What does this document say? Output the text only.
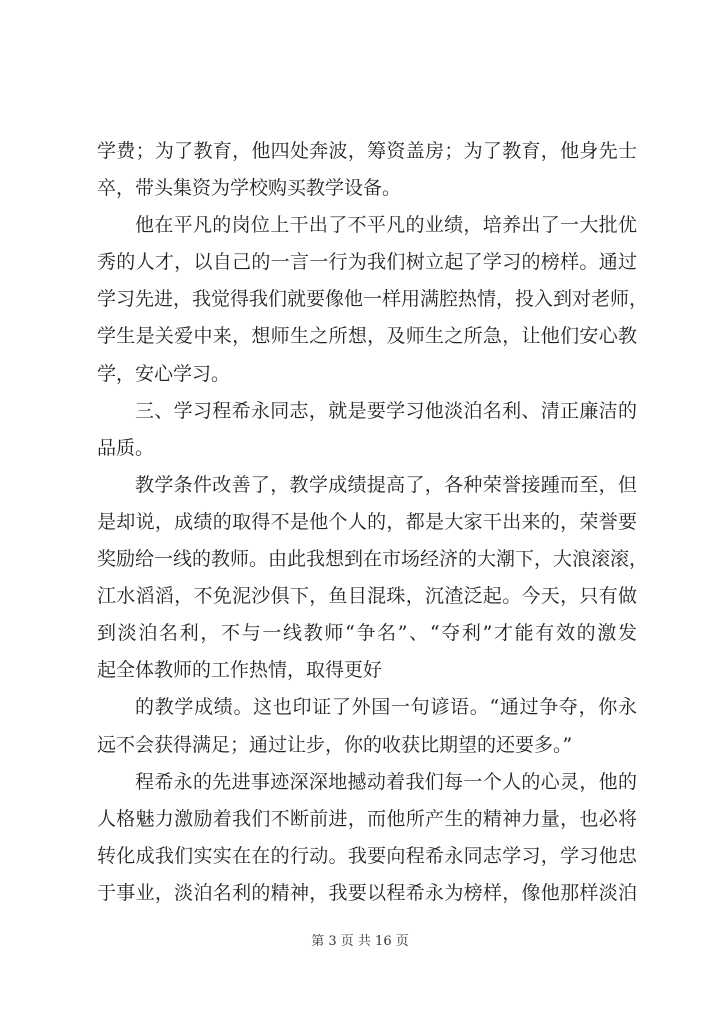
学费；为了教育，他四处奔波，筹资盖房；为了教育，他身先士
卒，带头集资为学校购买教学设备。
他在平凡的岗位上干出了不平凡的业绩，培养出了一大批优
秀的人才，以自己的一言一行为我们树立起了学习的榜样。通过
学习先进，我觉得我们就要像他一样用满腔热情，投入到对老师，
学生是关爱中来，想师生之所想，及师生之所急，让他们安心教
学，安心学习。
三、学习程希永同志，就是要学习他淡泊名利、清正廉洁的
品质。
教学条件改善了，教学成绩提高了，各种荣誉接踵而至，但
是却说，成绩的取得不是他个人的，都是大家干出来的，荣誉要
奖励给一线的教师。由此我想到在市场经济的大潮下，大浪滚滚，
江水滔滔，不免泥沙俱下，鱼目混珠，沉渣泛起。今天，只有做
到淡泊名利，不与一线教师“争名”、“夺利”才能有效的激发
起全体教师的工作热情，取得更好
的教学成绩。这也印证了外国一句谚语。“通过争夺，你永
远不会获得满足；通过让步，你的收获比期望的还要多。”
程希永的先进事迹深深地撼动着我们每一个人的心灵，他的
人格魅力激励着我们不断前进，而他所产生的精神力量，也必将
转化成我们实实在在的行动。我要向程希永同志学习，学习他忠
于事业，淡泊名利的精神，我要以程希永为榜样，像他那样淡泊
第 3 页 共 16 页
